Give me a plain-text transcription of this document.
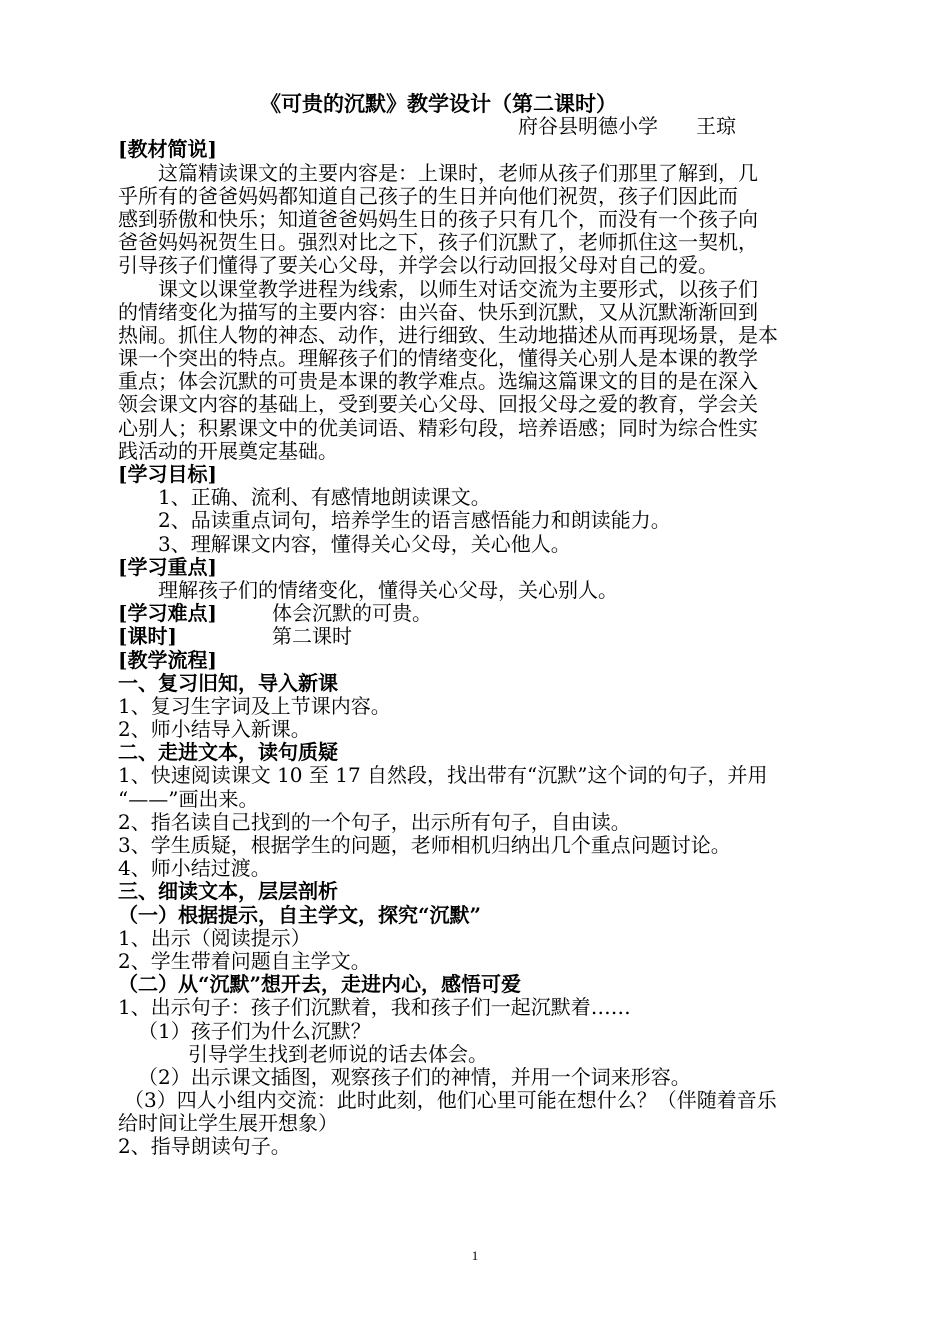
《可贵的沉默》教学设计（第二课时）
府谷县明德小学 王琼
[教材简说]
这篇精读课文的主要内容是：上课时，老师从孩子们那里了解到，几
乎所有的爸爸妈妈都知道自己孩子的生日并向他们祝贺，孩子们因此而
感到骄傲和快乐；知道爸爸妈妈生日的孩子只有几个，而没有一个孩子向
爸爸妈妈祝贺生日。强烈对比之下，孩子们沉默了，老师抓住这一契机，
引导孩子们懂得了要关心父母，并学会以行动回报父母对自己的爱。
课文以课堂教学进程为线索，以师生对话交流为主要形式，以孩子们
的情绪变化为描写的主要内容：由兴奋、快乐到沉默，又从沉默渐渐回到
热闹。抓住人物的神态、动作，进行细致、生动地描述从而再现场景，是本
课一个突出的特点。理解孩子们的情绪变化，懂得关心别人是本课的教学
重点；体会沉默的可贵是本课的教学难点。选编这篇课文的目的是在深入
领会课文内容的基础上，受到要关心父母、回报父母之爱的教育，学会关
心别人；积累课文中的优美词语、精彩句段，培养语感；同时为综合性实
践活动的开展奠定基础。
[学习目标]
1、正确、流利、有感情地朗读课文。
2、品读重点词句，培养学生的语言感悟能力和朗读能力。
3、理解课文内容，懂得关心父母，关心他人。
[学习重点]
理解孩子们的情绪变化，懂得关心父母，关心别人。
[学习难点]	体会沉默的可贵。
[课时]	第二课时
[教学流程]
一、复习旧知，导入新课
1、复习生字词及上节课内容。
2、师小结导入新课。
二、走进文本，读句质疑
1、快速阅读课文 10 至 17 自然段，找出带有“沉默”这个词的句子，并用
“——”画出来。
2、指名读自己找到的一个句子，出示所有句子，自由读。
3、学生质疑，根据学生的问题，老师相机归纳出几个重点问题讨论。
4、师小结过渡。
三、细读文本，层层剖析
（一）根据提示，自主学文，探究“沉默”
1、出示（阅读提示）
2、学生带着问题自主学文。
（二）从“沉默”想开去，走进内心，感悟可爱
1、出示句子：孩子们沉默着，我和孩子们一起沉默着……
（1）孩子们为什么沉默？
引导学生找到老师说的话去体会。
（2）出示课文插图，观察孩子们的神情，并用一个词来形容。
（3）四人小组内交流：此时此刻，他们心里可能在想什么？（伴随着音乐
给时间让学生展开想象）
2、指导朗读句子。
1
